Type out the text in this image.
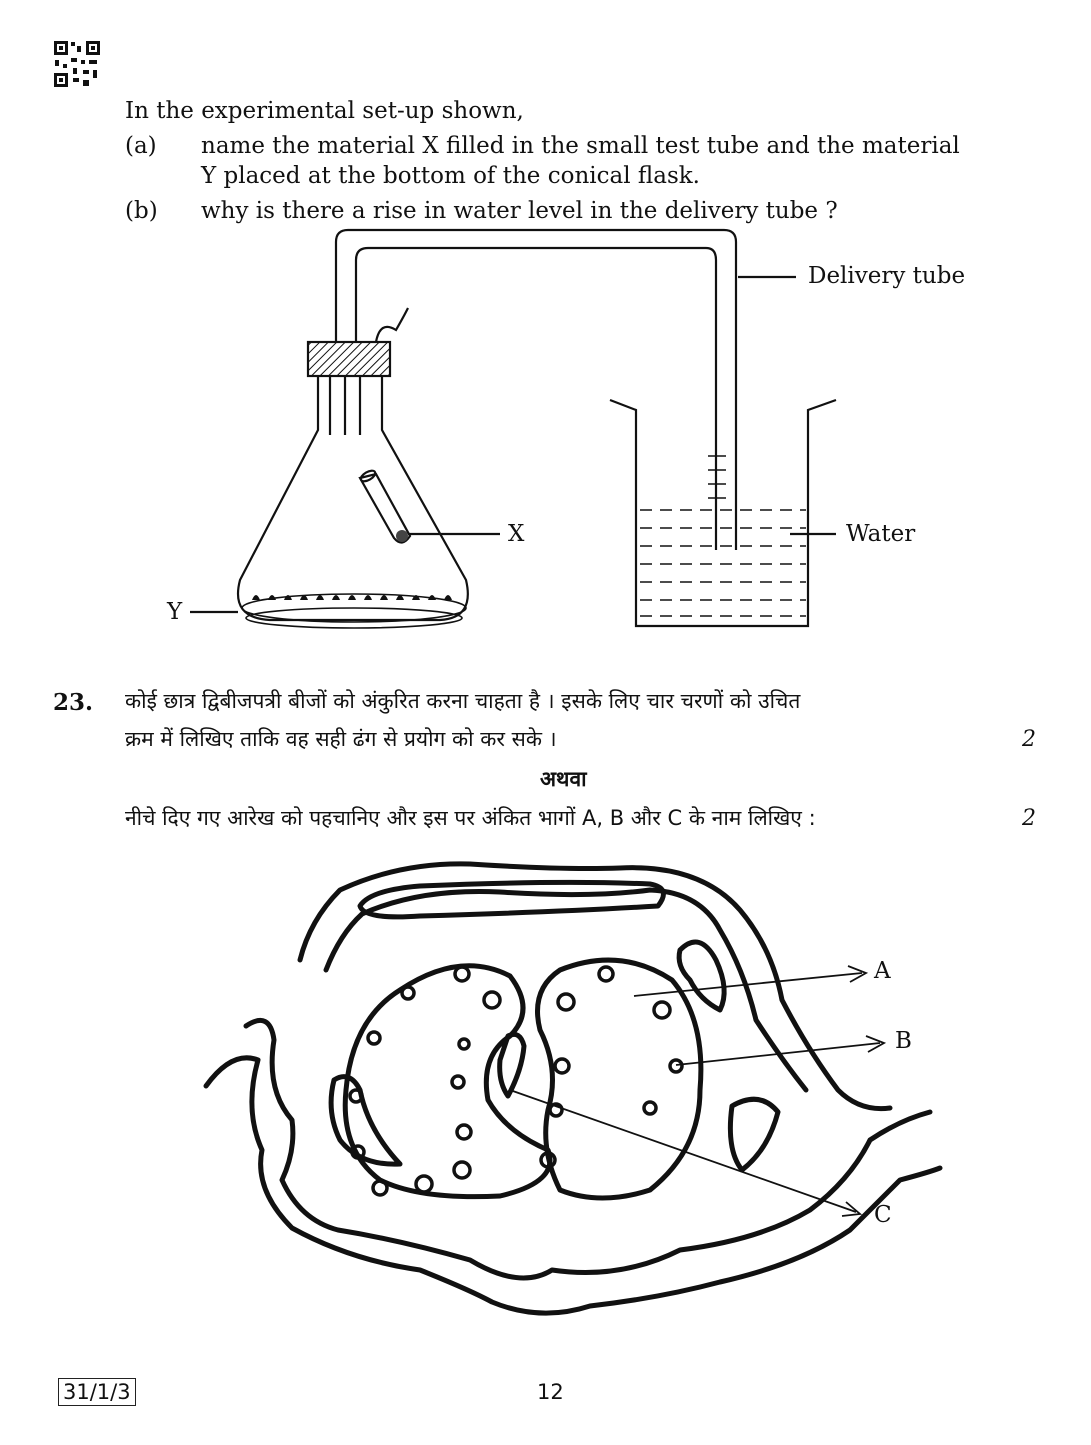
In the experimental set-up shown,
(a) name the material X filled in the small test tube and the material
Y placed at the bottom of the conical flask.
(b) why is there a rise in water level in the delivery tube ?
Delivery tube
X	Water
Y
23. कोई छात्र द्विबीजपत्री बीजों को अंकुरित करना चाहता है । इसके लिए चार चरणों को उचित
क्रम में लिखिए ताकि वह सही ढंग से प्रयोग को कर सके ।	2
अथवा
नीचे दिए गए आरेख को पहचानिए और इस पर अंकित भागों A, B और C के नाम लिखिए :	2
A
B
C
31/1/3	12
